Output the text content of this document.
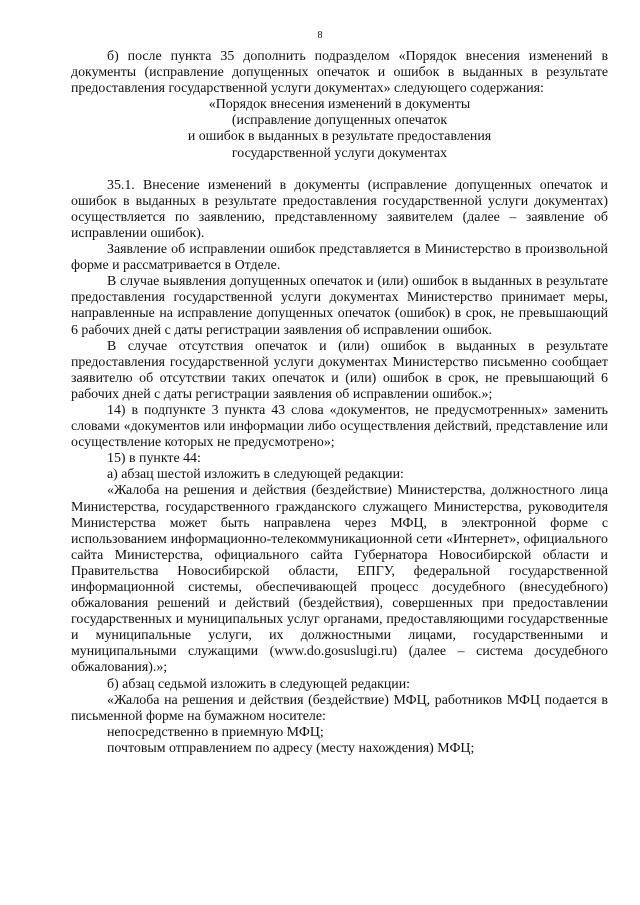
8

б) после пункта 35 дополнить подразделом «Порядок внесения изменений в документы (исправление допущенных опечаток и ошибок в выданных в результате предоставления государственной услуги документах» следующего содержания:

«Порядок внесения изменений в документы

(исправление допущенных опечаток

и ошибок в выданных в результате предоставления

государственной услуги документах

35.1. Внесение изменений в документы (исправление допущенных опечаток и ошибок в выданных в результате предоставления государственной услуги документах) осуществляется по заявлению, представленному заявителем (далее – заявление об исправлении ошибок).

Заявление об исправлении ошибок представляется в Министерство в произвольной форме и рассматривается в Отделе.

В случае выявления допущенных опечаток и (или) ошибок в выданных в результате предоставления государственной услуги документах Министерство принимает меры, направленные на исправление допущенных опечаток (ошибок) в срок, не превышающий 6 рабочих дней с даты регистрации заявления об исправлении ошибок.

В случае отсутствия опечаток и (или) ошибок в выданных в результате предоставления государственной услуги документах Министерство письменно сообщает заявителю об отсутствии таких опечаток и (или) ошибок в срок, не превышающий 6 рабочих дней с даты регистрации заявления об исправлении ошибок.»;

14) в подпункте 3 пункта 43 слова «документов, не предусмотренных» заменить словами «документов или информации либо осуществления действий, представление или осуществление которых не предусмотрено»;

15) в пункте 44:

а) абзац шестой изложить в следующей редакции:

«Жалоба на решения и действия (бездействие) Министерства, должностного лица Министерства, государственного гражданского служащего Министерства, руководителя Министерства может быть направлена через МФЦ, в электронной форме с использованием информационно-телекоммуникационной сети «Интернет», официального сайта Министерства, официального сайта Губернатора Новосибирской области и Правительства Новосибирской области, ЕПГУ, федеральной государственной информационной системы, обеспечивающей процесс досудебного (внесудебного) обжалования решений и действий (бездействия), совершенных при предоставлении государственных и муниципальных услуг органами, предоставляющими государственные и муниципальные услуги, их должностными лицами, государственными и муниципальными служащими (www.do.gosuslugi.ru) (далее – система досудебного обжалования).»;

б) абзац седьмой изложить в следующей редакции:

«Жалоба на решения и действия (бездействие) МФЦ, работников МФЦ подается в письменной форме на бумажном носителе:

непосредственно в приемную МФЦ;

почтовым отправлением по адресу (месту нахождения) МФЦ;
